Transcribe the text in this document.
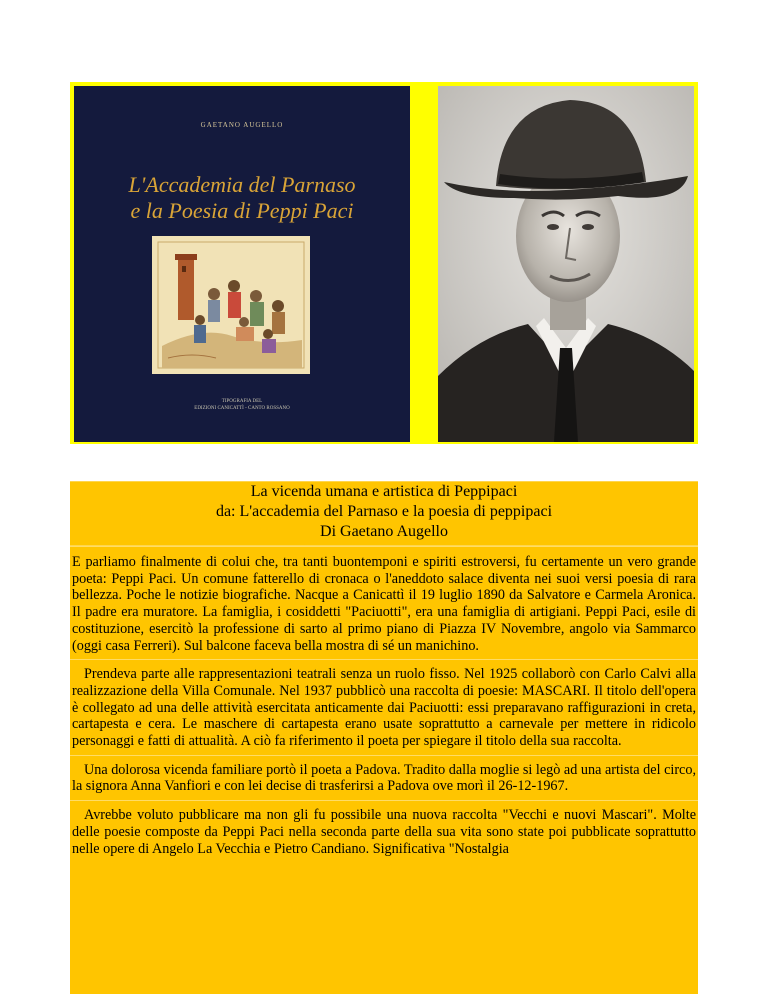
GAETANO AUGELLO
L'Accademia del Parnaso
e la Poesia di Peppi Paci
TIPOGRAFIA DEL
EDIZIONI CANICATTÌ - CANTO ROSSANO
La vicenda umana e artistica di Peppipaci
da: L'accademia del Parnaso e la poesia di peppipaci
Di Gaetano Augello
E parliamo finalmente di colui che, tra tanti buontemponi e spiriti estroversi, fu certamente un vero grande poeta: Peppi Paci. Un comune fatterello di cronaca o l'aneddoto salace diventa nei suoi versi poesia di rara bellezza. Poche le notizie biografiche. Nacque a Canicattì il 19 luglio 1890 da Salvatore e Carmela Aronica. Il padre era muratore. La famiglia, i cosiddetti "Paciuotti", era una famiglia di artigiani. Peppi Paci, esile di costituzione, esercitò la professione di sarto al primo piano di Piazza IV Novembre, angolo via Sammarco (oggi casa Ferreri). Sul balcone faceva bella mostra di sé un manichino.
Prendeva parte alle rappresentazioni teatrali senza un ruolo fisso. Nel 1925 collaborò con Carlo Calvi alla realizzazione della Villa Comunale. Nel 1937 pubblicò una raccolta di poesie: MASCARI. Il titolo dell'opera è collegato ad una delle attività esercitata anticamente dai Paciuotti: essi preparavano raffigurazioni in creta, cartapesta e cera. Le maschere di cartapesta erano usate soprattutto a carnevale per mettere in ridicolo personaggi e fatti di attualità. A ciò fa riferimento il poeta per spiegare il titolo della sua raccolta.
Una dolorosa vicenda familiare portò il poeta a Padova. Tradito dalla moglie si legò ad una artista del circo, la signora Anna Vanfiori e con lei decise di trasferirsi a Padova ove morì il 26-12-1967.
Avrebbe voluto pubblicare ma non gli fu possibile una nuova raccolta "Vecchi e nuovi Mascari". Molte delle poesie composte da Peppi Paci nella seconda parte della sua vita sono state poi pubblicate soprattutto nelle opere di Angelo La Vecchia e Pietro Candiano. Significativa "Nostalgia
